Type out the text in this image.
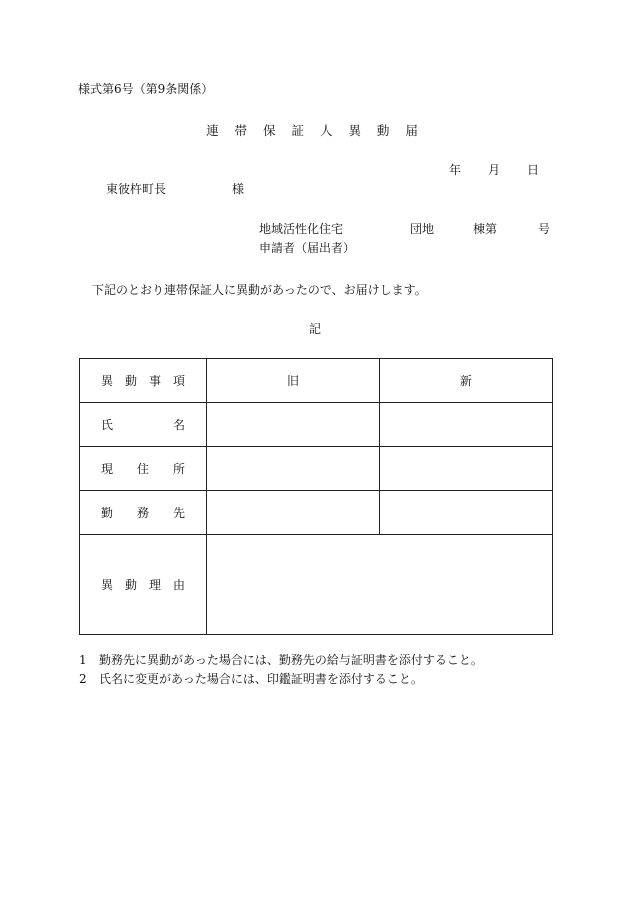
様式第6号（第9条関係）
連 帯 保 証 人 異 動 届
年 月 日
東彼杵町長	様
地域活性化住宅	団地	棟第	号
申請者（届出者）
下記のとおり連帯保証人に異動があったので、お届けします。
記
異　動　事　項	旧	新
氏　　　　　名		
現　　住　　所		
勤　　務　　先		
異　動　理　由		
1 勤務先に異動があった場合には、勤務先の給与証明書を添付すること。
2 氏名に変更があった場合には、印鑑証明書を添付すること。
